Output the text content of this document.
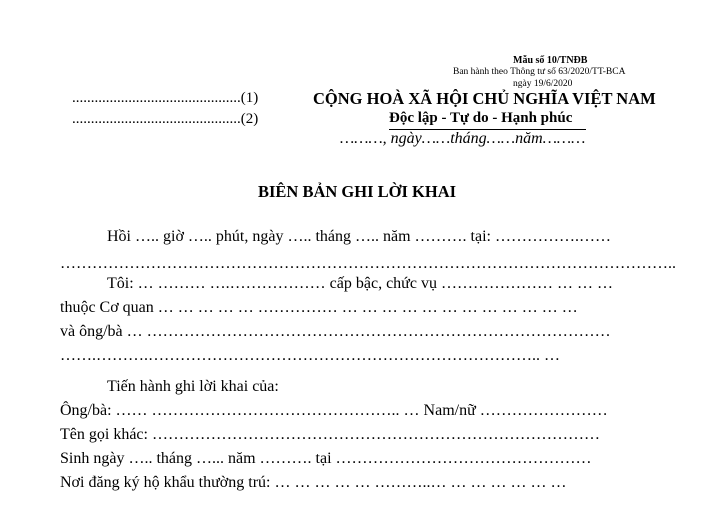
Mẫu số 10/TNĐB
Ban hành theo Thông tư số 63/2020/TT-BCA
ngày 19/6/2020
.............................................(1)
.............................................(2)
CỘNG HOÀ XÃ HỘI CHỦ NGHĨA VIỆT NAM
Độc lập - Tự do - Hạnh phúc
………, ngày……tháng……năm………
BIÊN BẢN GHI LỜI KHAI
Hồi ….. giờ ….. phút, ngày ….. tháng ….. năm ………. tại: …………….……
……………………………………………………………………………………………………..
Tôi: … ……… ….……………… cấp bậc, chức vụ ………………… … … …
thuộc Cơ quan … … … … … …………… … … … … … … … … … … … …
và ông/bà … ……………………………………………………………………………
…….……….……………………………………………………………….. …
Tiến hành ghi lời khai của:
Ông/bà: …… ……………………………………….. … Nam/nữ ……………………
Tên gọi khác: …………………………………………………………………………
Sinh ngày ….. tháng …... năm ………. tại …………………………………………
Nơi đăng ký hộ khẩu thường trú: … … … … … ………..… … … … … … …
